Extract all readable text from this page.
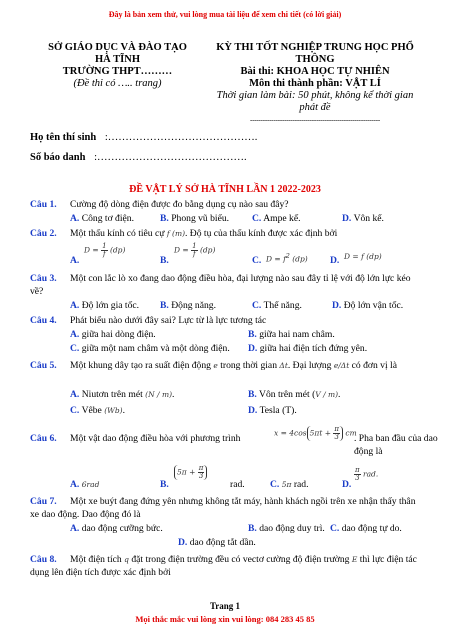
Đây là bản xem thử, vui lòng mua tài liệu để xem chi tiết (có lời giải)
SỞ GIÁO DỤC VÀ ĐÀO TẠO
HÀ TĨNH
TRƯỜNG THPT………
(Đề thi có ….. trang)
KỲ THI TỐT NGHIỆP TRUNG HỌC PHỔ
THÔNG
Bài thi: KHOA HỌC TỰ NHIÊN
Môn thi thành phần: VẬT LÍ
Thời gian làm bài: 50 phút, không kể thời gian
phát đề
-------------------------------------------------------------
Họ tên thí sinh :…………………………………….
Số báo danh :…………………………………….
ĐỀ VẬT LÝ SỞ HÀ TĨNH LẦN 1 2022-2023
Câu 1. Cường độ dòng điện được đo bằng dụng cụ nào sau đây?
A. Công tơ điện.	B. Phong vũ biểu. C. Ampe kế.	D. Vôn kế.
Câu 2. Một thấu kính có tiêu cự f (m). Độ tụ của thấu kính được xác định bởi
A.
$D = \frac{1}{f} (dp)$
B.
$D = \frac{1}{f} (dp)$
C. $D = f^2$ (dp) D. D = f (dp)
Câu 3. Một con lắc lò xo đang dao động điều hòa, đại lượng nào sau đây tỉ lệ với độ lớn lực kéo về?
A. Độ lớn gia tốc. B. Động năng.	C. Thế năng.	D. Độ lớn vận tốc.
Câu 4. Phát biểu nào dưới đây sai? Lực từ là lực tương tác
A. giữa hai dòng điện.	B. giữa hai nam châm.
C. giữa một nam châm và một dòng điện. D. giữa hai điện tích đứng yên.
Câu 5. Một khung dây tạo ra suất điện động e trong thời gian Δt. Đại lượng e/Δt có đơn vị là
A. Niutơn trên mét (N / m).	B. Vôn trên mét (V / m).
C. Vêbe (Wb).	D. Tesla (T).
Câu 6. Một vật dao động điều hòa với phương trình	x = 4cos $5\pi t + \frac{\pi}{3}$ cm
. Pha ban đầu của dao động là
A. 6rad	B.
$5\pi + \frac{\pi}{3}$
rad.	C. 5π rad.	D.
$\frac{\pi}{3}$ rad.
Câu 7. Một xe buýt đang đứng yên nhưng không tắt máy, hành khách ngồi trên xe nhận thấy thân xe dao động. Dao động đó là
A. dao động cưỡng bức.	B. dao động duy trì. C. dao động tự do.
D. dao động tắt dần.
Câu 8. Một điện tích q đặt trong điện trường đều có vectơ cường độ điện trường E thì lực điện tác dụng lên điện tích được xác định bởi
Trang 1
Mọi thắc mắc vui lòng xin vui lòng: 084 283 45 85
